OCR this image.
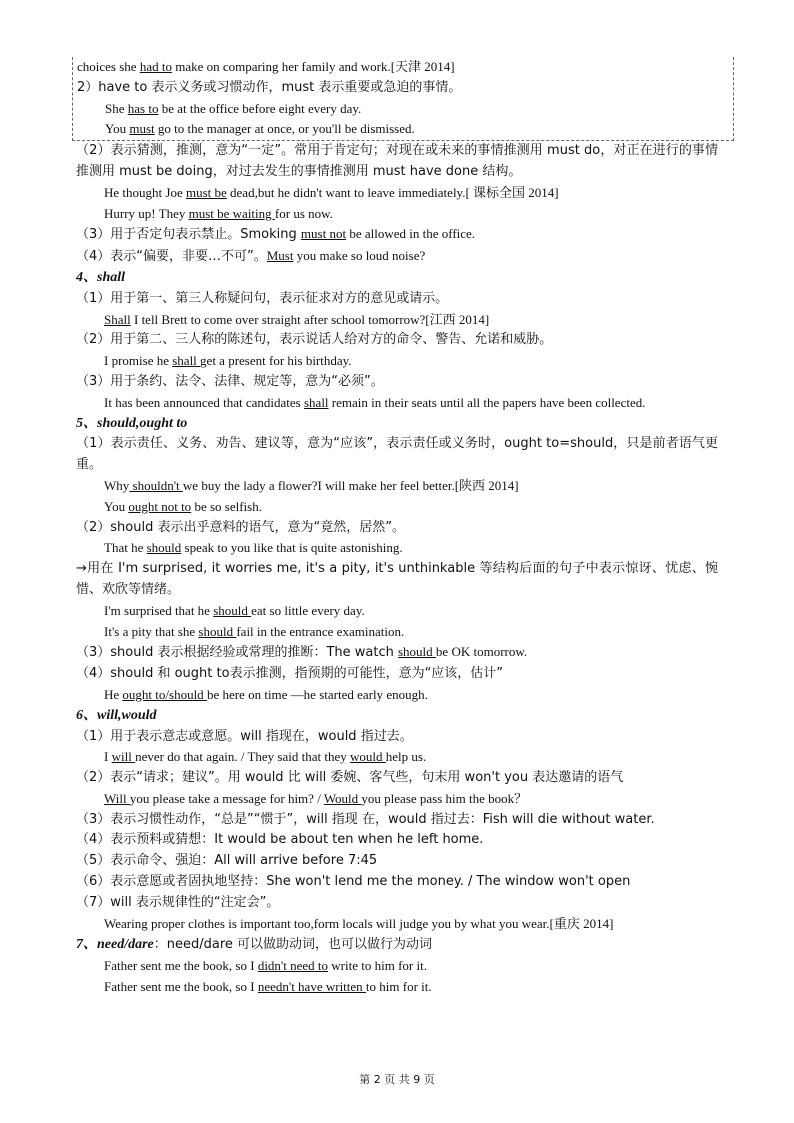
choices she had to make on comparing her family and work.[天津 2014]
2）have to 表示义务或习惯动作，must 表示重要或急迫的事情。
She has to be at the office before eight every day.
You must go to the manager at once, or you'll be dismissed.
（2）表示猜测，推测，意为“一定”。常用于肯定句；对现在或未来的事情推测用 must do，对正在进行的事情推测用 must be doing，对过去发生的事情推测用 must have done 结构。
He thought Joe must be dead,but he didn't want to leave immediately.[ 课标全国 2014]
Hurry up! They must be waiting for us now.
（3）用于否定句表示禁止。Smoking must not be allowed in the office.
（4）表示“偏要，非要…不可”。Must you make so loud noise?
4、shall
（1）用于第一、第三人称疑问句，表示征求对方的意见或请示。
Shall I tell Brett to come over straight after school tomorrow?[江西 2014]
（2）用于第二、三人称的陈述句，表示说话人给对方的命令、警告、允诺和威胁。
I promise he shall get a present for his birthday.
（3）用于条约、法令、法律、规定等，意为“必须”。
It has been announced that candidates shall remain in their seats until all the papers have been collected.
5、should,ought to
（1）表示责任、义务、劝告、建议等，意为“应该”，表示责任或义务时，ought to=should，只是前者语气更重。
Why shouldn't we buy the lady a flower?I will make her feel better.[陕西 2014]
You ought not to be so selfish.
（2）should 表示出乎意料的语气，意为“竟然，居然”。
That he should speak to you like that is quite astonishing.
→用在 I'm surprised, it worries me, it's a pity, it's unthinkable 等结构后面的句子中表示惊讶、忧虑、惋惜、欢欣等情绪。
I'm surprised that he should eat so little every day.
It's a pity that she should fail in the entrance examination.
（3）should 表示根据经验或常理的推断：The watch should be OK tomorrow.
（4）should 和 ought to表示推测，指预期的可能性，意为“应该，估计”
He ought to/should be here on time —he started early enough.
6、will,would
（1）用于表示意志或意愿。will 指现在，would 指过去。
I will never do that again. / They said that they would help us.
（2）表示“请求；建议”。用 would 比 will 委婉、客气些，句末用 won't you 表达邀请的语气
Will you please take a message for him? / Would you please pass him the book？
（3）表示习惯性动作，“总是”“惯于”，will 指现 在，would 指过去：Fish will die without water.
（4）表示预料或猜想：It would be about ten when he left home.
（5）表示命令、强迫：All will arrive before 7:45
（6）表示意愿或者固执地坚持：She won't lend me the money. / The window won't open
（7）will 表示规律性的“注定会”。
Wearing proper clothes is important too,form locals will judge you by what you wear.[重庆 2014]
7、need/dare：need/dare 可以做助动词，也可以做行为动词
Father sent me the book, so I didn't need to write to him for it.
Father sent me the book, so I needn't have written to him for it.
第 2 页 共 9 页
